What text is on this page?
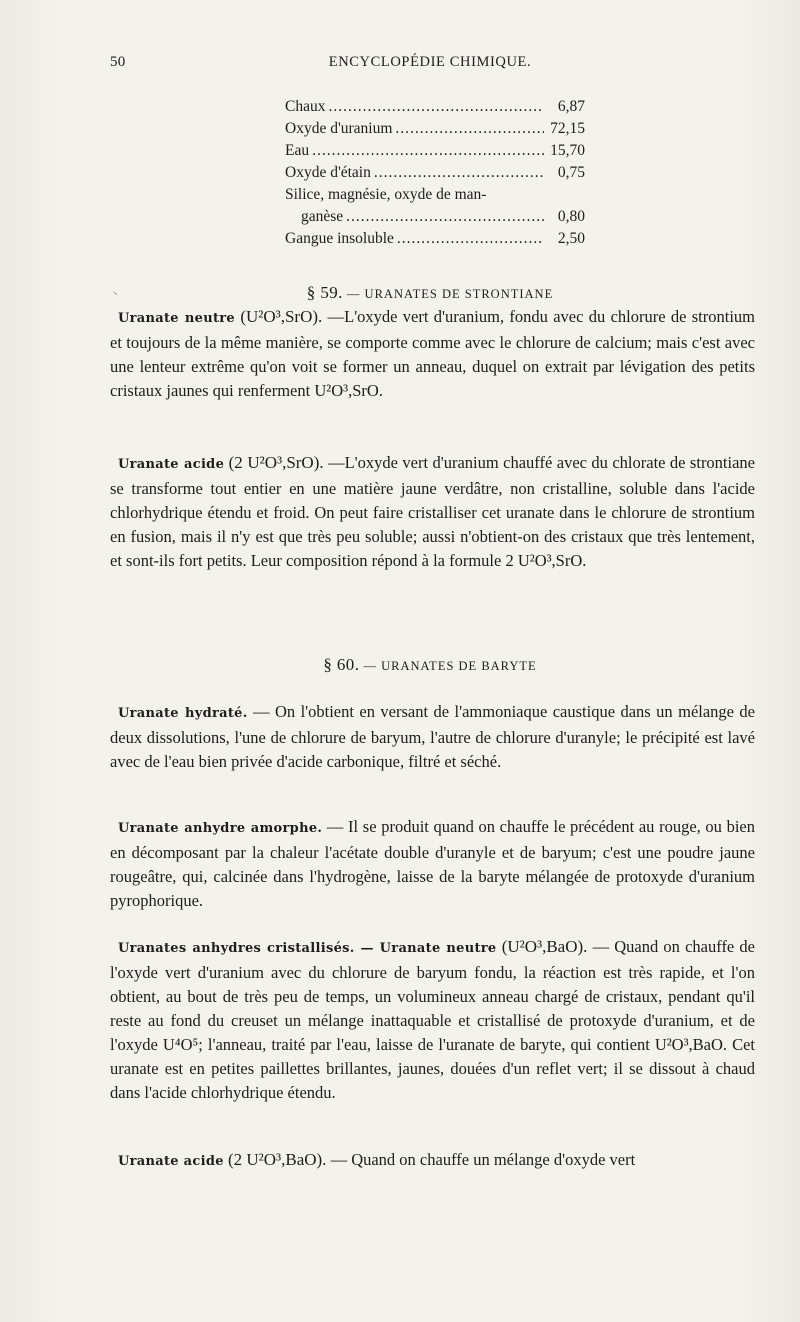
50	ENCYCLOPÉDIE CHIMIQUE.
Chaux .....	6,87
Oxyde d'uranium .....	72,15
Eau .....	15,70
Oxyde d'étain .....	0,75
Silice, magnésie, oxyde de man-
ganèse .....	0,80
Gangue insoluble .....	2,50
⸌	§ 59. — URANATES DE STRONTIANE

Uranate neutre (U²O³,SrO). —L'oxyde vert d'uranium, fondu avec du chlorure de strontium et toujours de la même manière, se comporte comme avec le chlorure de calcium; mais c'est avec une lenteur extrême qu'on voit se former un anneau, duquel on extrait par lévigation des petits cristaux jaunes qui renferment U²O³,SrO.

Uranate acide (2 U²O³,SrO). —L'oxyde vert d'uranium chauffé avec du chlorate de strontiane se transforme tout entier en une matière jaune verdâtre, non cristalline, soluble dans l'acide chlorhydrique étendu et froid. On peut faire cristalliser cet uranate dans le chlorure de strontium en fusion, mais il n'y est que très peu soluble; aussi n'obtient-on des cristaux que très lentement, et sont-ils fort petits. Leur composition répond à la formule 2 U²O³,SrO.

§ 60. — URANATES DE BARYTE

Uranate hydraté. — On l'obtient en versant de l'ammoniaque caustique dans un mélange de deux dissolutions, l'une de chlorure de baryum, l'autre de chlorure d'uranyle; le précipité est lavé avec de l'eau bien privée d'acide carbonique, filtré et séché.

Uranate anhydre amorphe. — Il se produit quand on chauffe le précédent au rouge, ou bien en décomposant par la chaleur l'acétate double d'uranyle et de baryum; c'est une poudre jaune rougeâtre, qui, calcinée dans l'hydrogène, laisse de la baryte mélangée de protoxyde d'uranium pyrophorique.

Uranates anhydres cristallisés. — Uranate neutre (U²O³,BaO). — Quand on chauffe de l'oxyde vert d'uranium avec du chlorure de baryum fondu, la réaction est très rapide, et l'on obtient, au bout de très peu de temps, un volumineux anneau chargé de cristaux, pendant qu'il reste au fond du creuset un mélange inattaquable et cristallisé de protoxyde d'uranium, et de l'oxyde U⁴O⁵; l'anneau, traité par l'eau, laisse de l'uranate de baryte, qui contient U²O³,BaO. Cet uranate est en petites paillettes brillantes, jaunes, douées d'un reflet vert; il se dissout à chaud dans l'acide chlorhydrique étendu.

Uranate acide (2 U²O³,BaO). — Quand on chauffe un mélange d'oxyde vert
